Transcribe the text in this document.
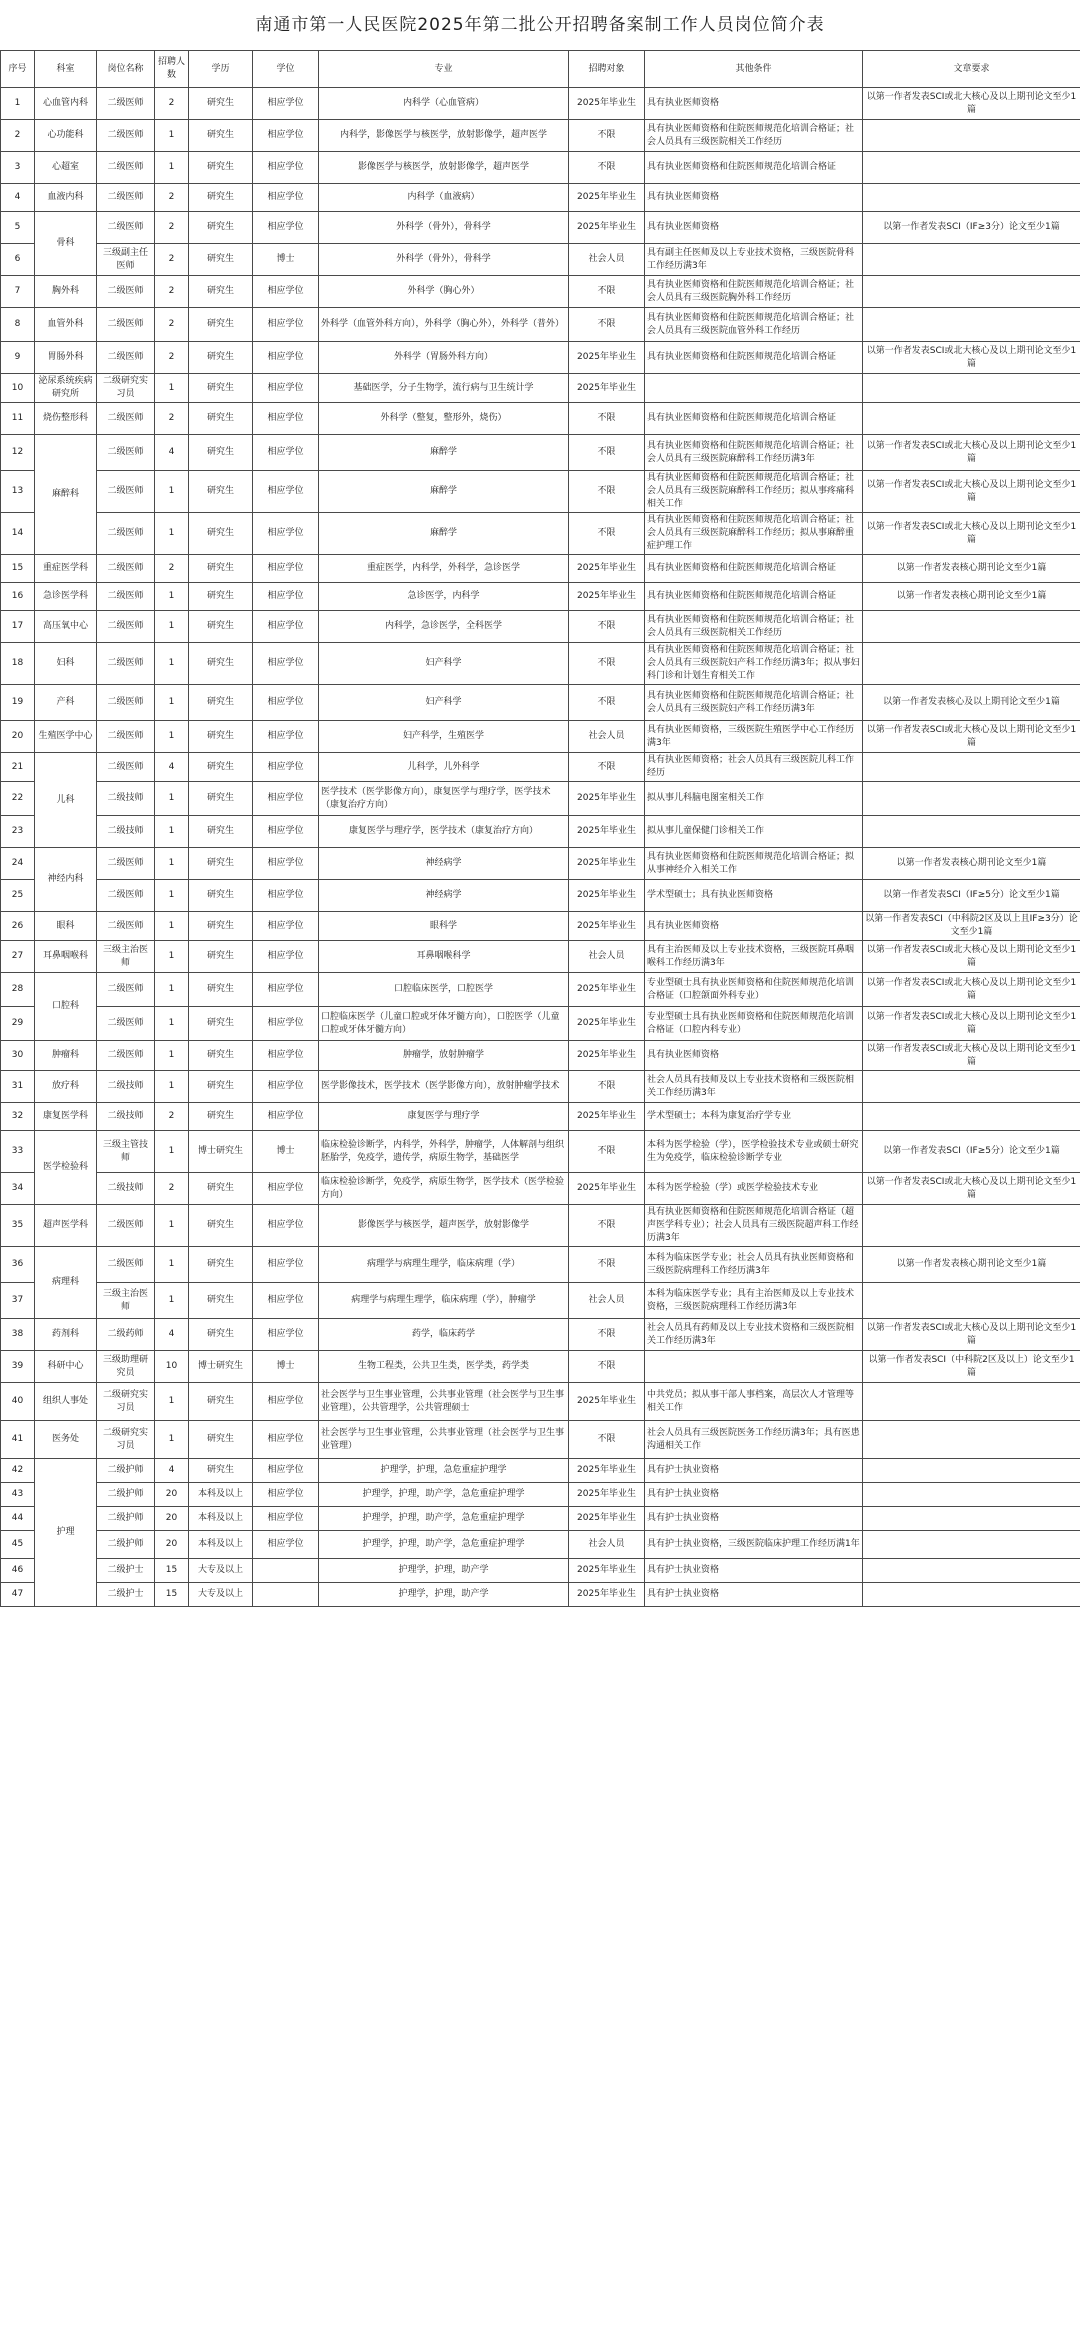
南通市第一人民医院2025年第二批公开招聘备案制工作人员岗位简介表
序号	科室	岗位名称	招聘人数	学历	学位	专业	招聘对象	其他条件	文章要求
1	心血管内科	二级医师	2	研究生	相应学位	内科学（心血管病）	2025年毕业生	具有执业医师资格	以第一作者发表SCI或北大核心及以上期刊论文至少1篇
2	心功能科	二级医师	1	研究生	相应学位	内科学，影像医学与核医学，放射影像学，超声医学	不限	具有执业医师资格和住院医师规范化培训合格证；社会人员具有三级医院相关工作经历	
3	心超室	二级医师	1	研究生	相应学位	影像医学与核医学，放射影像学，超声医学	不限	具有执业医师资格和住院医师规范化培训合格证	
4	血液内科	二级医师	2	研究生	相应学位	内科学（血液病）	2025年毕业生	具有执业医师资格	
5	骨科	二级医师	2	研究生	相应学位	外科学（骨外），骨科学	2025年毕业生	具有执业医师资格	以第一作者发表SCI（IF≥3分）论文至少1篇
6		三级副主任医师	2	研究生	博士	外科学（骨外），骨科学	社会人员	具有副主任医师及以上专业技术资格，三级医院骨科工作经历满3年	
7	胸外科	二级医师	2	研究生	相应学位	外科学（胸心外）	不限	具有执业医师资格和住院医师规范化培训合格证；社会人员具有三级医院胸外科工作经历	
8	血管外科	二级医师	2	研究生	相应学位	外科学（血管外科方向），外科学（胸心外），外科学（普外）	不限	具有执业医师资格和住院医师规范化培训合格证；社会人员具有三级医院血管外科工作经历	
9	胃肠外科	二级医师	2	研究生	相应学位	外科学（胃肠外科方向）	2025年毕业生	具有执业医师资格和住院医师规范化培训合格证	以第一作者发表SCI或北大核心及以上期刊论文至少1篇
10	泌尿系统疾病研究所	二级研究实习员	1	研究生	相应学位	基础医学，分子生物学，流行病与卫生统计学	2025年毕业生		
11	烧伤整形科	二级医师	2	研究生	相应学位	外科学（整复，整形外，烧伤）	不限	具有执业医师资格和住院医师规范化培训合格证	
12	麻醉科	二级医师	4	研究生	相应学位	麻醉学	不限	具有执业医师资格和住院医师规范化培训合格证；社会人员具有三级医院麻醉科工作经历满3年	以第一作者发表SCI或北大核心及以上期刊论文至少1篇
13		二级医师	1	研究生	相应学位	麻醉学	不限	具有执业医师资格和住院医师规范化培训合格证；社会人员具有三级医院麻醉科工作经历；拟从事疼痛科相关工作	以第一作者发表SCI或北大核心及以上期刊论文至少1篇
14		二级医师	1	研究生	相应学位	麻醉学	不限	具有执业医师资格和住院医师规范化培训合格证；社会人员具有三级医院麻醉科工作经历；拟从事麻醉重症护理工作	以第一作者发表SCI或北大核心及以上期刊论文至少1篇
15	重症医学科	二级医师	2	研究生	相应学位	重症医学，内科学，外科学，急诊医学	2025年毕业生	具有执业医师资格和住院医师规范化培训合格证	以第一作者发表核心期刊论文至少1篇
16	急诊医学科	二级医师	1	研究生	相应学位	急诊医学，内科学	2025年毕业生	具有执业医师资格和住院医师规范化培训合格证	以第一作者发表核心期刊论文至少1篇
17	高压氧中心	二级医师	1	研究生	相应学位	内科学，急诊医学，全科医学	不限	具有执业医师资格和住院医师规范化培训合格证；社会人员具有三级医院相关工作经历	
18	妇科	二级医师	1	研究生	相应学位	妇产科学	不限	具有执业医师资格和住院医师规范化培训合格证；社会人员具有三级医院妇产科工作经历满3年；拟从事妇科门诊和计划生育相关工作	
19	产科	二级医师	1	研究生	相应学位	妇产科学	不限	具有执业医师资格和住院医师规范化培训合格证；社会人员具有三级医院妇产科工作经历满3年	以第一作者发表核心及以上期刊论文至少1篇
20	生殖医学中心	二级医师	1	研究生	相应学位	妇产科学，生殖医学	社会人员	具有执业医师资格，三级医院生殖医学中心工作经历满3年	以第一作者发表SCI或北大核心及以上期刊论文至少1篇
21	儿科	二级医师	4	研究生	相应学位	儿科学，儿外科学	不限	具有执业医师资格；社会人员具有三级医院儿科工作经历	
22		二级技师	1	研究生	相应学位	医学技术（医学影像方向），康复医学与理疗学，医学技术（康复治疗方向）	2025年毕业生	拟从事儿科脑电图室相关工作	
23		二级技师	1	研究生	相应学位	康复医学与理疗学，医学技术（康复治疗方向）	2025年毕业生	拟从事儿童保健门诊相关工作	
24	神经内科	二级医师	1	研究生	相应学位	神经病学	2025年毕业生	具有执业医师资格和住院医师规范化培训合格证；拟从事神经介入相关工作	以第一作者发表核心期刊论文至少1篇
25		二级医师	1	研究生	相应学位	神经病学	2025年毕业生	学术型硕士；具有执业医师资格	以第一作者发表SCI（IF≥5分）论文至少1篇
26	眼科	二级医师	1	研究生	相应学位	眼科学	2025年毕业生	具有执业医师资格	以第一作者发表SCI（中科院2区及以上且IF≥3分）论文至少1篇
27	耳鼻咽喉科	三级主治医师	1	研究生	相应学位	耳鼻咽喉科学	社会人员	具有主治医师及以上专业技术资格，三级医院耳鼻咽喉科工作经历满3年	以第一作者发表SCI或北大核心及以上期刊论文至少1篇
28	口腔科	二级医师	1	研究生	相应学位	口腔临床医学，口腔医学	2025年毕业生	专业型硕士具有执业医师资格和住院医师规范化培训合格证（口腔颌面外科专业）	以第一作者发表SCI或北大核心及以上期刊论文至少1篇
29		二级医师	1	研究生	相应学位	口腔临床医学（儿童口腔或牙体牙髓方向），口腔医学（儿童口腔或牙体牙髓方向）	2025年毕业生	专业型硕士具有执业医师资格和住院医师规范化培训合格证（口腔内科专业）	以第一作者发表SCI或北大核心及以上期刊论文至少1篇
30	肿瘤科	二级医师	1	研究生	相应学位	肿瘤学，放射肿瘤学	2025年毕业生	具有执业医师资格	以第一作者发表SCI或北大核心及以上期刊论文至少1篇
31	放疗科	二级技师	1	研究生	相应学位	医学影像技术，医学技术（医学影像方向），放射肿瘤学技术	不限	社会人员具有技师及以上专业技术资格和三级医院相关工作经历满3年	
32	康复医学科	二级技师	2	研究生	相应学位	康复医学与理疗学	2025年毕业生	学术型硕士；本科为康复治疗学专业	
33	医学检验科	三级主管技师	1	博士研究生	博士	临床检验诊断学，内科学，外科学，肿瘤学，人体解剖与组织胚胎学，免疫学，遗传学，病原生物学，基础医学	不限	本科为医学检验（学），医学检验技术专业或硕士研究生为免疫学，临床检验诊断学专业	以第一作者发表SCI（IF≥5分）论文至少1篇
34		二级技师	2	研究生	相应学位	临床检验诊断学，免疫学，病原生物学，医学技术（医学检验方向）	2025年毕业生	本科为医学检验（学）或医学检验技术专业	以第一作者发表SCI或北大核心及以上期刊论文至少1篇
35	超声医学科	二级医师	1	研究生	相应学位	影像医学与核医学，超声医学，放射影像学	不限	具有执业医师资格和住院医师规范化培训合格证（超声医学科专业）；社会人员具有三级医院超声科工作经历满3年	
36	病理科	二级医师	1	研究生	相应学位	病理学与病理生理学，临床病理（学）	不限	本科为临床医学专业；社会人员具有执业医师资格和三级医院病理科工作经历满3年	以第一作者发表核心期刊论文至少1篇
37		三级主治医师	1	研究生	相应学位	病理学与病理生理学，临床病理（学），肿瘤学	社会人员	本科为临床医学专业；具有主治医师及以上专业技术资格，三级医院病理科工作经历满3年	
38	药剂科	二级药师	4	研究生	相应学位	药学，临床药学	不限	社会人员具有药师及以上专业技术资格和三级医院相关工作经历满3年	以第一作者发表SCI或北大核心及以上期刊论文至少1篇
39	科研中心	三级助理研究员	10	博士研究生	博士	生物工程类，公共卫生类，医学类，药学类	不限		以第一作者发表SCI（中科院2区及以上）论文至少1篇
40	组织人事处	二级研究实习员	1	研究生	相应学位	社会医学与卫生事业管理，公共事业管理（社会医学与卫生事业管理），公共管理学，公共管理硕士	2025年毕业生	中共党员；拟从事干部人事档案，高层次人才管理等相关工作	
41	医务处	二级研究实习员	1	研究生	相应学位	社会医学与卫生事业管理，公共事业管理（社会医学与卫生事业管理）	不限	社会人员具有三级医院医务工作经历满3年；具有医患沟通相关工作	
42	护理	二级护师	4	研究生	相应学位	护理学，护理，急危重症护理学	2025年毕业生	具有护士执业资格	
43		二级护师	20	本科及以上	相应学位	护理学，护理，助产学，急危重症护理学	2025年毕业生	具有护士执业资格	
44		二级护师	20	本科及以上	相应学位	护理学，护理，助产学，急危重症护理学	2025年毕业生	具有护士执业资格	
45		二级护师	20	本科及以上	相应学位	护理学，护理，助产学，急危重症护理学	社会人员	具有护士执业资格，三级医院临床护理工作经历满1年	
46		二级护士	15	大专及以上		护理学，护理，助产学	2025年毕业生	具有护士执业资格	
47		二级护士	15	大专及以上		护理学，护理，助产学	2025年毕业生	具有护士执业资格	
